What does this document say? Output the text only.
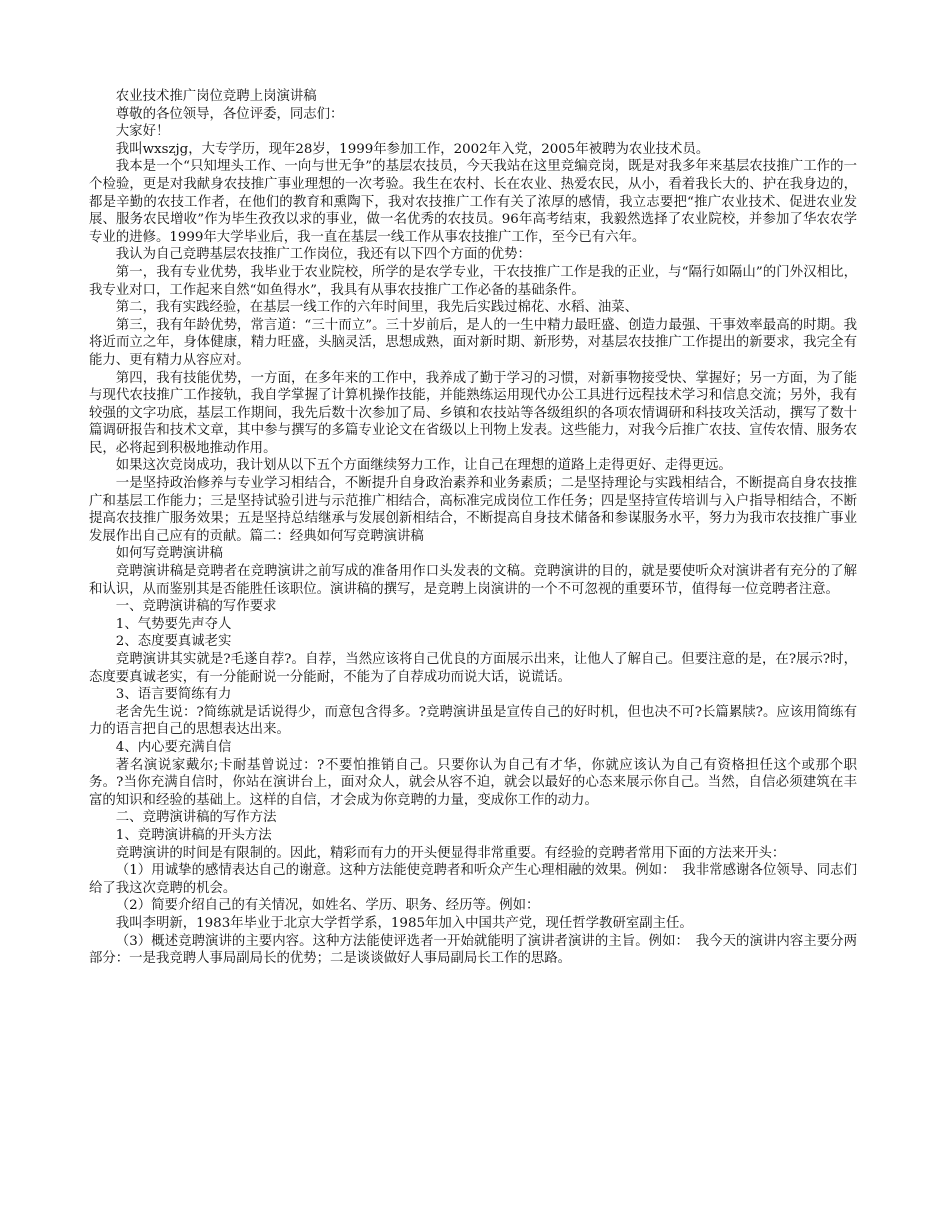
农业技术推广岗位竞聘上岗演讲稿

尊敬的各位领导，各位评委，同志们：

大家好！

我叫wxszjg，大专学历，现年28岁，1999年参加工作，2002年入党，2005年被聘为农业技术员。

我本是一个“只知埋头工作、一向与世无争”的基层农技员，今天我站在这里竞编竞岗，既是对我多年来基层农技推广工作的一个检验，更是对我献身农技推广事业理想的一次考验。我生在农村、长在农业、热爱农民，从小，看着我长大的、护在我身边的，都是辛勤的农技工作者，在他们的教育和熏陶下，我对农技推广工作有关了浓厚的感情，我立志要把“推广农业技术、促进农业发展、服务农民增收”作为毕生孜孜以求的事业，做一名优秀的农技员。96年高考结束，我毅然选择了农业院校，并参加了华农农学专业的进修。1999年大学毕业后，我一直在基层一线工作从事农技推广工作，至今已有六年。

我认为自己竞聘基层农技推广工作岗位，我还有以下四个方面的优势：

第一，我有专业优势，我毕业于农业院校，所学的是农学专业，干农技推广工作是我的正业，与“隔行如隔山”的门外汉相比，我专业对口，工作起来自然“如鱼得水”，我具有从事农技推广工作必备的基础条件。

第二，我有实践经验，在基层一线工作的六年时间里，我先后实践过棉花、水稻、油菜、

第三，我有年龄优势，常言道：“三十而立”。三十岁前后，是人的一生中精力最旺盛、创造力最强、干事效率最高的时期。我将近而立之年，身体健康，精力旺盛，头脑灵活，思想成熟，面对新时期、新形势，对基层农技推广工作提出的新要求，我完全有能力、更有精力从容应对。

第四，我有技能优势，一方面，在多年来的工作中，我养成了勤于学习的习惯，对新事物接受快、掌握好；另一方面，为了能与现代农技推广工作接轨，我自学掌握了计算机操作技能，并能熟练运用现代办公工具进行远程技术学习和信息交流；另外，我有较强的文字功底，基层工作期间，我先后数十次参加了局、乡镇和农技站等各级组织的各项农情调研和科技攻关活动，撰写了数十篇调研报告和技术文章，其中参与撰写的多篇专业论文在省级以上刊物上发表。这些能力，对我今后推广农技、宣传农情、服务农民，必将起到积极地推动作用。

如果这次竞岗成功，我计划从以下五个方面继续努力工作，让自己在理想的道路上走得更好、走得更远。

一是坚持政治修养与专业学习相结合，不断提升自身政治素养和业务素质；二是坚持理论与实践相结合，不断提高自身农技推广和基层工作能力；三是坚持试验引进与示范推广相结合，高标准完成岗位工作任务；四是坚持宣传培训与入户指导相结合，不断提高农技推广服务效果；五是坚持总结继承与发展创新相结合，不断提高自身技术储备和参谋服务水平，努力为我市农技推广事业发展作出自己应有的贡献。篇二：经典如何写竞聘演讲稿

如何写竞聘演讲稿

竞聘演讲稿是竞聘者在竞聘演讲之前写成的准备用作口头发表的文稿。竞聘演讲的目的，就是要使听众对演讲者有充分的了解和认识，从而鉴别其是否能胜任该职位。演讲稿的撰写，是竞聘上岗演讲的一个不可忽视的重要环节，值得每一位竞聘者注意。

一、竞聘演讲稿的写作要求

1、气势要先声夺人

2、态度要真诚老实

竞聘演讲其实就是?毛遂自荐?。自荐，当然应该将自己优良的方面展示出来，让他人了解自己。但要注意的是，在?展示?时，态度要真诚老实，有一分能耐说一分能耐，不能为了自荐成功而说大话，说谎话。

3、语言要简练有力

老舍先生说：?简练就是话说得少，而意包含得多。?竞聘演讲虽是宣传自己的好时机，但也决不可?长篇累牍?。应该用简练有力的语言把自己的思想表达出来。

4、内心要充满自信

著名演说家戴尔;卡耐基曾说过：?不要怕推销自己。只要你认为自己有才华，你就应该认为自己有资格担任这个或那个职务。?当你充满自信时，你站在演讲台上，面对众人，就会从容不迫，就会以最好的心态来展示你自己。当然，自信必须建筑在丰富的知识和经验的基础上。这样的自信，才会成为你竞聘的力量，变成你工作的动力。

二、竞聘演讲稿的写作方法

1、竞聘演讲稿的开头方法

竞聘演讲的时间是有限制的。因此，精彩而有力的开头便显得非常重要。有经验的竞聘者常用下面的方法来开头：

（1）用诚挚的感情表达自己的谢意。这种方法能使竞聘者和听众产生心理相融的效果。例如：　我非常感谢各位领导、同志们给了我这次竞聘的机会。

（2）简要介绍自己的有关情况，如姓名、学历、职务、经历等。例如：

我叫李明新，1983年毕业于北京大学哲学系，1985年加入中国共产党，现任哲学教研室副主任。

（3）概述竞聘演讲的主要内容。这种方法能使评选者一开始就能明了演讲者演讲的主旨。例如：　我今天的演讲内容主要分两部分：一是我竞聘人事局副局长的优势；二是谈谈做好人事局副局长工作的思路。
